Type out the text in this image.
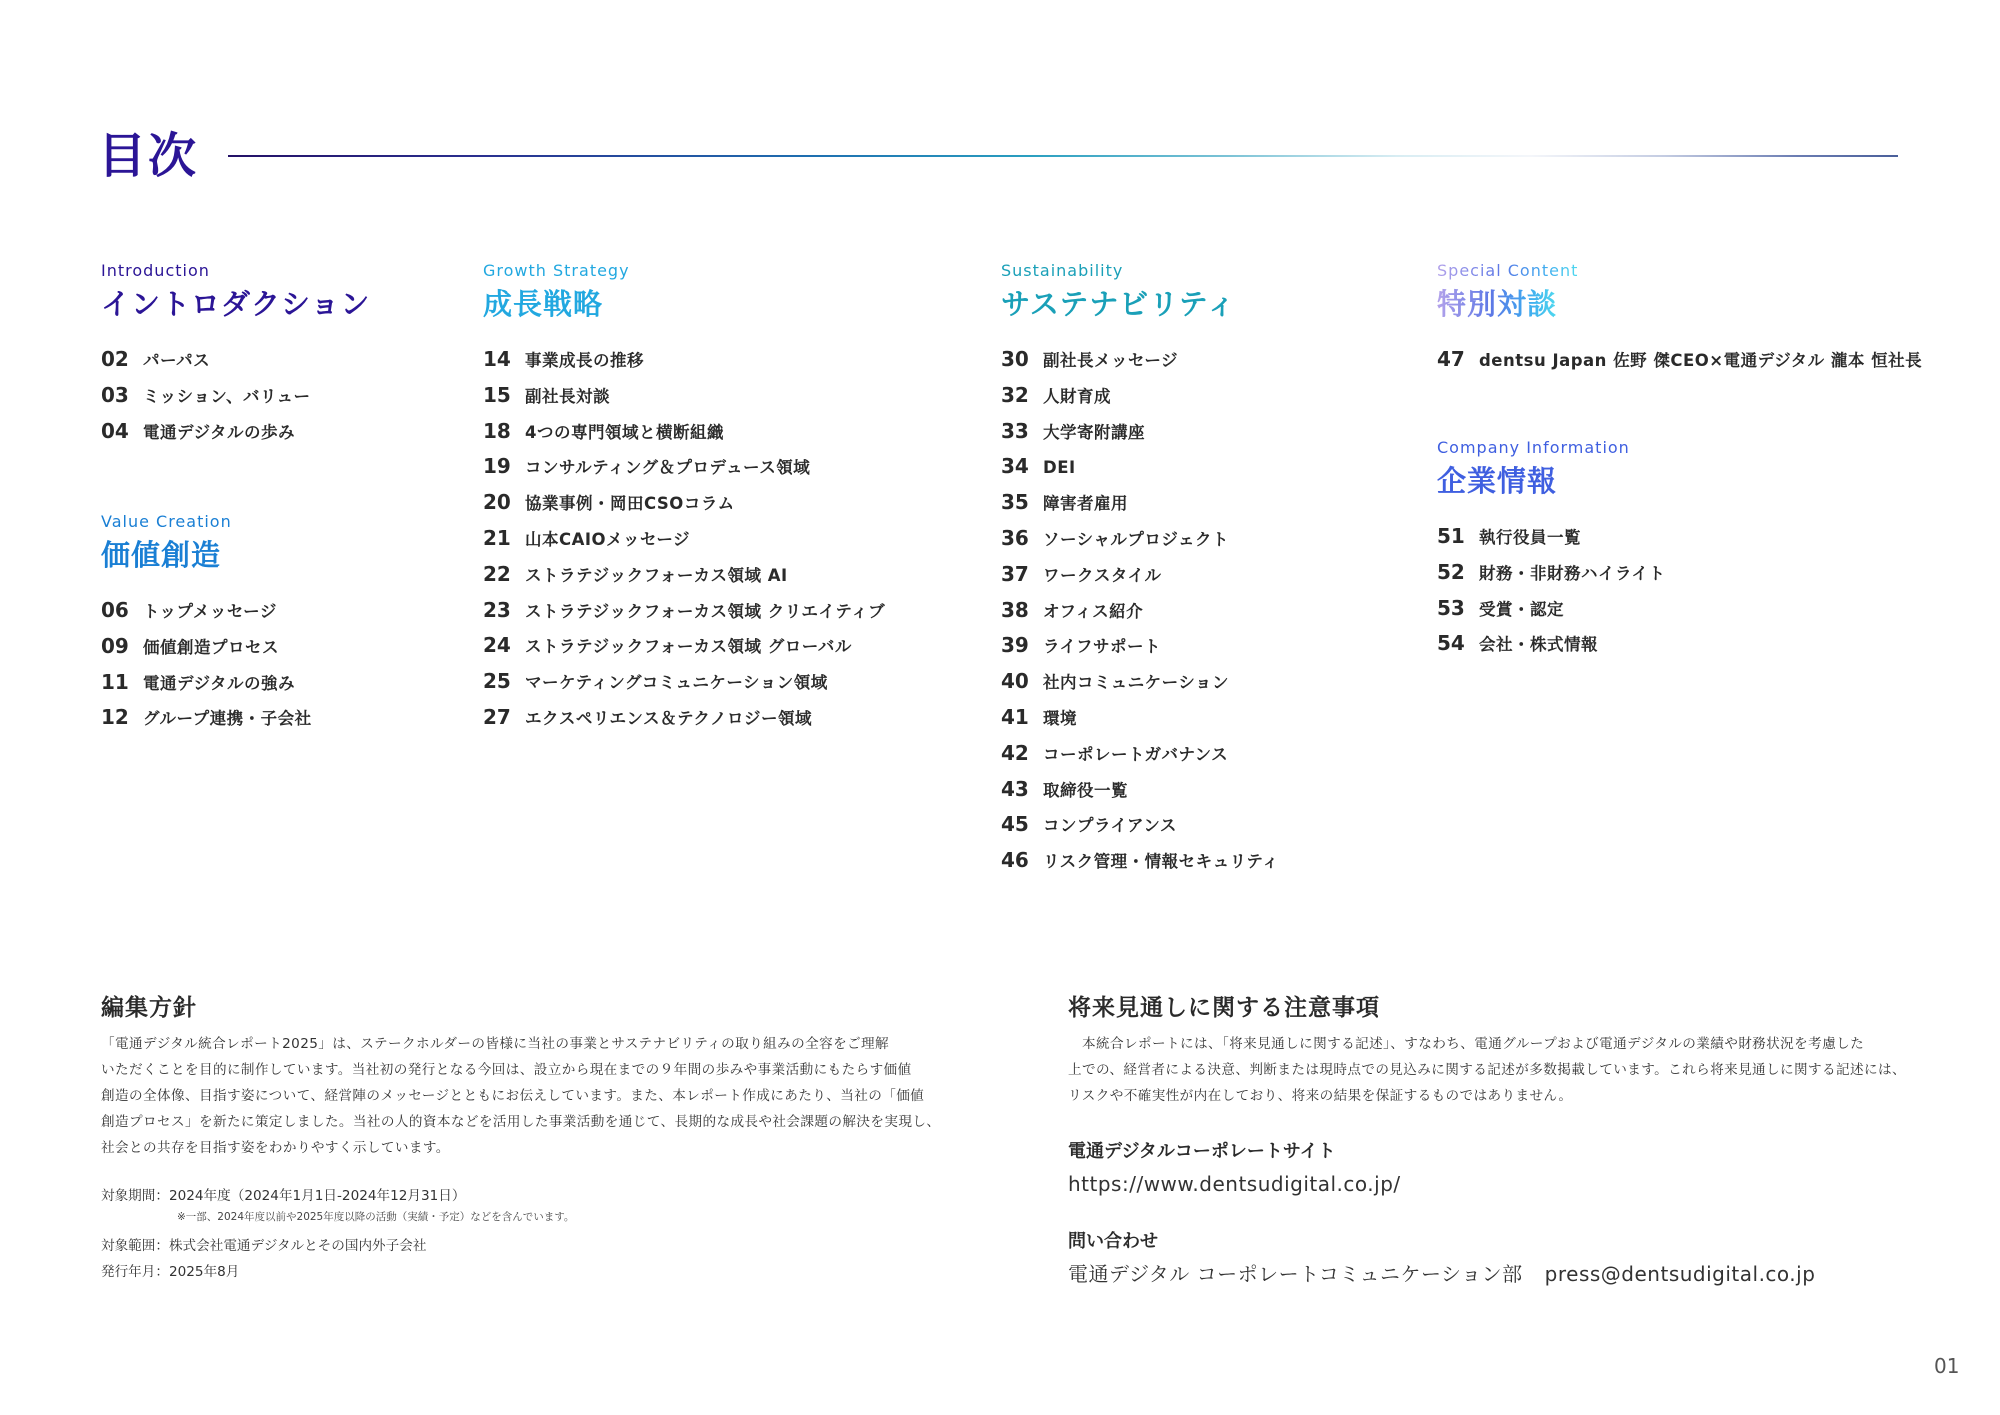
目次
Introduction
イントロダクション
02 パーパス
03 ミッション、バリュー
04 電通デジタルの歩み
Value Creation
価値創造
06 トップメッセージ
09 価値創造プロセス
11 電通デジタルの強み
12 グループ連携・子会社
Growth Strategy
成長戦略
14 事業成長の推移
15 副社長対談
18 4つの専門領域と横断組織
19 コンサルティング＆プロデュース領域
20 協業事例・岡田CSOコラム
21 山本CAIOメッセージ
22 ストラテジックフォーカス領域 AI
23 ストラテジックフォーカス領域 クリエイティブ
24 ストラテジックフォーカス領域 グローバル
25 マーケティングコミュニケーション領域
27 エクスペリエンス＆テクノロジー領域
Sustainability
サステナビリティ
30 副社長メッセージ
32 人財育成
33 大学寄附講座
34 DEI
35 障害者雇用
36 ソーシャルプロジェクト
37 ワークスタイル
38 オフィス紹介
39 ライフサポート
40 社内コミュニケーション
41 環境
42 コーポレートガバナンス
43 取締役一覧
45 コンプライアンス
46 リスク管理・情報セキュリティ
Special Content
特別対談
47 dentsu Japan 佐野 傑CEO×電通デジタル 瀧本 恒社長
Company Information
企業情報
51 執行役員一覧
52 財務・非財務ハイライト
53 受賞・認定
54 会社・株式情報
編集方針
「電通デジタル統合レポート2025」は、ステークホルダーの皆様に当社の事業とサステナビリティの取り組みの全容をご理解
いただくことを目的に制作しています。当社初の発行となる今回は、設立から現在までの９年間の歩みや事業活動にもたらす価値
創造の全体像、目指す姿について、経営陣のメッセージとともにお伝えしています。また、本レポート作成にあたり、当社の「価値
創造プロセス」を新たに策定しました。当社の人的資本などを活用した事業活動を通じて、長期的な成長や社会課題の解決を実現し、
社会との共存を目指す姿をわかりやすく示しています。
対象期間：2024年度（2024年1月1日-2024年12月31日）
※一部、2024年度以前や2025年度以降の活動（実績・予定）などを含んでいます。
対象範囲：株式会社電通デジタルとその国内外子会社
発行年月：2025年8月
将来見通しに関する注意事項
本統合レポートには、「将来見通しに関する記述」、すなわち、電通グループおよび電通デジタルの業績や財務状況を考慮した
上での、経営者による決意、判断または現時点での見込みに関する記述が多数掲載しています。これら将来見通しに関する記述には、
リスクや不確実性が内在しており、将来の結果を保証するものではありません。
電通デジタルコーポレートサイト
https://www.dentsudigital.co.jp/
問い合わせ
電通デジタル コーポレートコミュニケーション部 press@dentsudigital.co.jp
01
